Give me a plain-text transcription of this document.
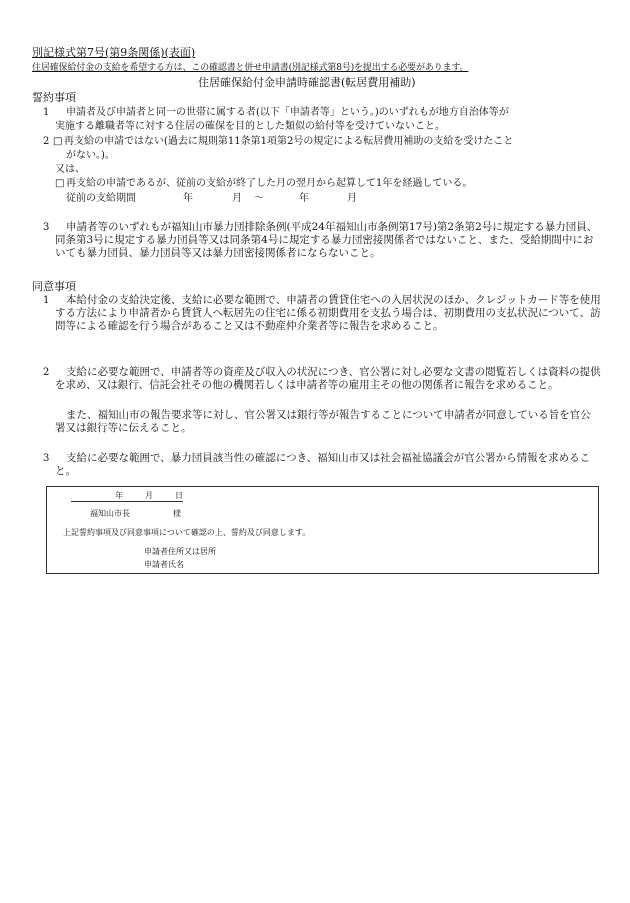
別記様式第7号(第9条関係)(表面)
住居確保給付金の支給を希望する方は、この確認書と併せ申請書(別記様式第8号)を提出する必要があります。
住居確保給付金申請時確認書(転居費用補助)
誓約事項
1 申請者及び申請者と同一の世帯に属する者(以下「申請者等」という。)のいずれもが地方自治体等が
実施する離職者等に対する住居の確保を目的とした類似の給付等を受けていないこと。
2 □ 再支給の申請ではない(過去に規則第11条第1項第2号の規定による転居費用補助の支給を受けたこと
がない。)。
又は、
□ 再支給の申請であるが、従前の支給が終了した月の翌月から起算して1年を経過している。
従前の支給期間	年	月 ～	年	月
3	申請者等のいずれもが福知山市暴力団排除条例(平成24年福知山市条例第17号)第2条第2号に規定する暴力団員、同条第3号に規定する暴力団員等又は同条第4号に規定する暴力団密接関係者ではないこと、また、受給期間中においても暴力団員、暴力団員等又は暴力団密接関係者にならないこと。
同意事項
1	本給付金の支給決定後、支給に必要な範囲で、申請者の賃貸住宅への入居状況のほか、クレジットカード等を使用する方法により申請者から賃貸人へ転居先の住宅に係る初期費用を支払う場合は、初期費用の支払状況について、訪問等による確認を行う場合があること又は不動産仲介業者等に報告を求めること。
2	支給に必要な範囲で、申請者等の資産及び収入の状況につき、官公署に対し必要な文書の閲覧若しくは資料の提供を求め、又は銀行、信託会社その他の機関若しくは申請者等の雇用主その他の関係者に報告を求めること。
また、福知山市の報告要求等に対し、官公署又は銀行等が報告することについて申請者が同意している旨を官公署又は銀行等に伝えること。
3	支給に必要な範囲で、暴力団員該当性の確認につき、福知山市又は社会福祉協議会が官公署から情報を求めること。
年	月	日
福知山市長	様
上記誓約事項及び同意事項について確認の上、誓約及び同意します。
申請者住所又は居所
申請者氏名
